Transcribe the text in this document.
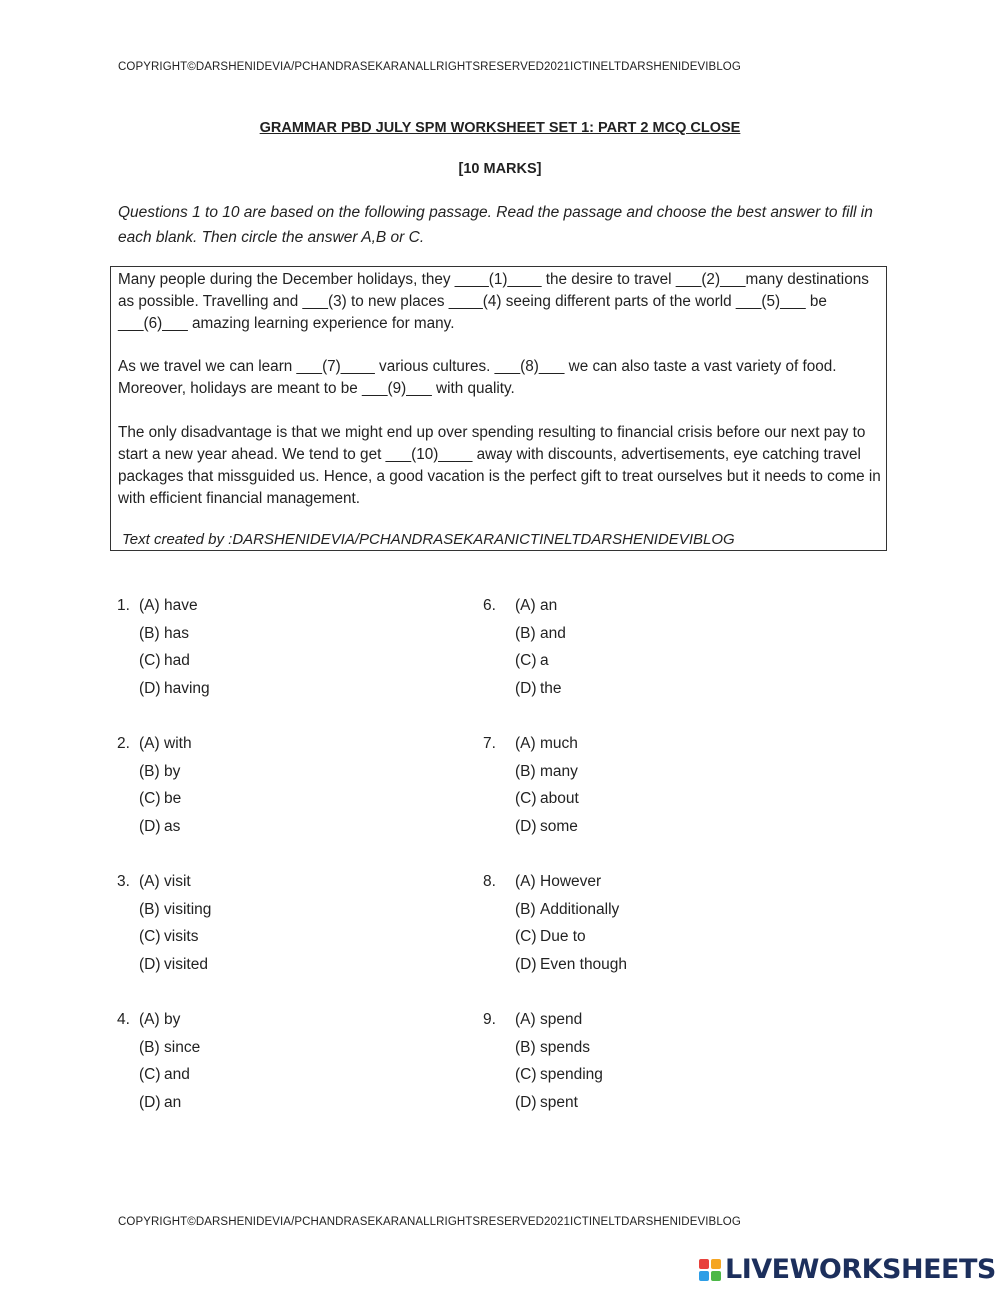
COPYRIGHT©DARSHENIDEVIA/PCHANDRASEKARANALLRIGHTSRESERVED2021ICTINELTDARSHENIDEVIBLOG
GRAMMAR PBD JULY SPM WORKSHEET SET 1: PART 2 MCQ CLOSE
[10 MARKS]
Questions 1 to 10 are based on the following passage. Read the passage and choose the best answer to fill in each blank. Then circle the answer A,B or C.

Many people during the December holidays, they ____(1)____ the desire to travel ___(2)___many destinations as possible. Travelling and ___(3) to new places ____(4) seeing different parts of the world ___(5)___ be ___(6)___ amazing learning experience for many.

As we travel we can learn ___(7)____ various cultures. ___(8)___ we can also taste a vast variety of food. Moreover, holidays are meant to be ___(9)___ with quality.

The only disadvantage is that we might end up over spending resulting to financial crisis before our next pay to start a new year ahead. We tend to get ___(10)____ away with discounts, advertisements, eye catching travel packages that missguided us. Hence, a good vacation is the perfect gift to treat ourselves but it needs to come in with efficient financial management.

Text created by :DARSHENIDEVIA/PCHANDRASEKARANICTINELTDARSHENIDEVIBLOG
1. (A) have
(B) has
(C) had
(D) having
2. (A) with
(B) by
(C) be
(D) as
3. (A) visit
(B) visiting
(C) visits
(D) visited
4. (A) by
(B) since
(C) and
(D) an
6.	(A) an
(B) and
(C) a
(D) the
7.	(A) much
(B) many
(C) about
(D) some
8.	(A) However
(B) Additionally
(C) Due to
(D) Even though
9.	(A) spend
(B) spends
(C) spending
(D) spent
COPYRIGHT©DARSHENIDEVIA/PCHANDRASEKARANALLRIGHTSRESERVED2021ICTINELTDARSHENIDEVIBLOG
LIVEWORKSHEETS
